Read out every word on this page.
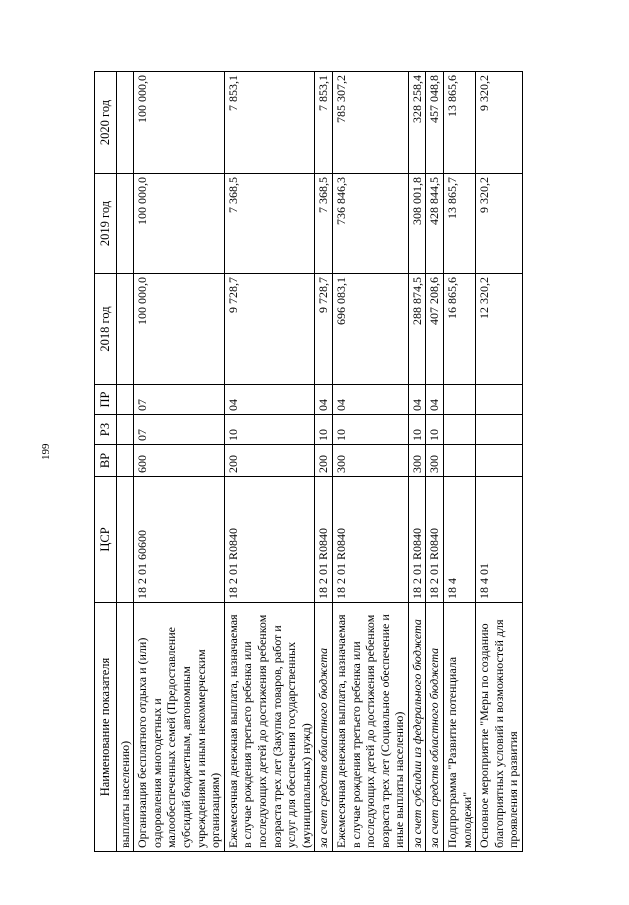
199
Наименование показателя	ЦСР	ВР	РЗ	ПР	2018 год	2019 год	2020 год
выплаты населению)							
Организация бесплатного отдыха и (или) оздоровления многодетных и малообеспеченных семей (Предоставление субсидий бюджетным, автономным учреждениям и иным некоммерческим организациям)	18 2 01 60600	600	07	07	100 000,0	100 000,0	100 000,0
Ежемесячная денежная выплата, назначаемая в случае рождения третьего ребенка или последующих детей до достижения ребенком возраста трех лет (Закупка товаров, работ и услуг для обеспечения государственных (муниципальных) нужд)	18 2 01 R0840	200	10	04	9 728,7	7 368,5	7 853,1
за счет средств областного бюджета	18 2 01 R0840	200	10	04	9 728,7	7 368,5	7 853,1
Ежемесячная денежная выплата, назначаемая в случае рождения третьего ребенка или последующих детей до достижения ребенком возраста трех лет (Социальное обеспечение и иные выплаты населению)	18 2 01 R0840	300	10	04	696 083,1	736 846,3	785 307,2
за счет субсидии из федерального бюджета	18 2 01 R0840	300	10	04	288 874,5	308 001,8	328 258,4
за счет средств областного бюджета	18 2 01 R0840	300	10	04	407 208,6	428 844,5	457 048,8
Подпрограмма "Развитие потенциала молодежи"	18 4				16 865,6	13 865,7	13 865,6
Основное мероприятие "Меры по созданию благоприятных условий и возможностей для проявления и развития	18 4 01				12 320,2	9 320,2	9 320,2
